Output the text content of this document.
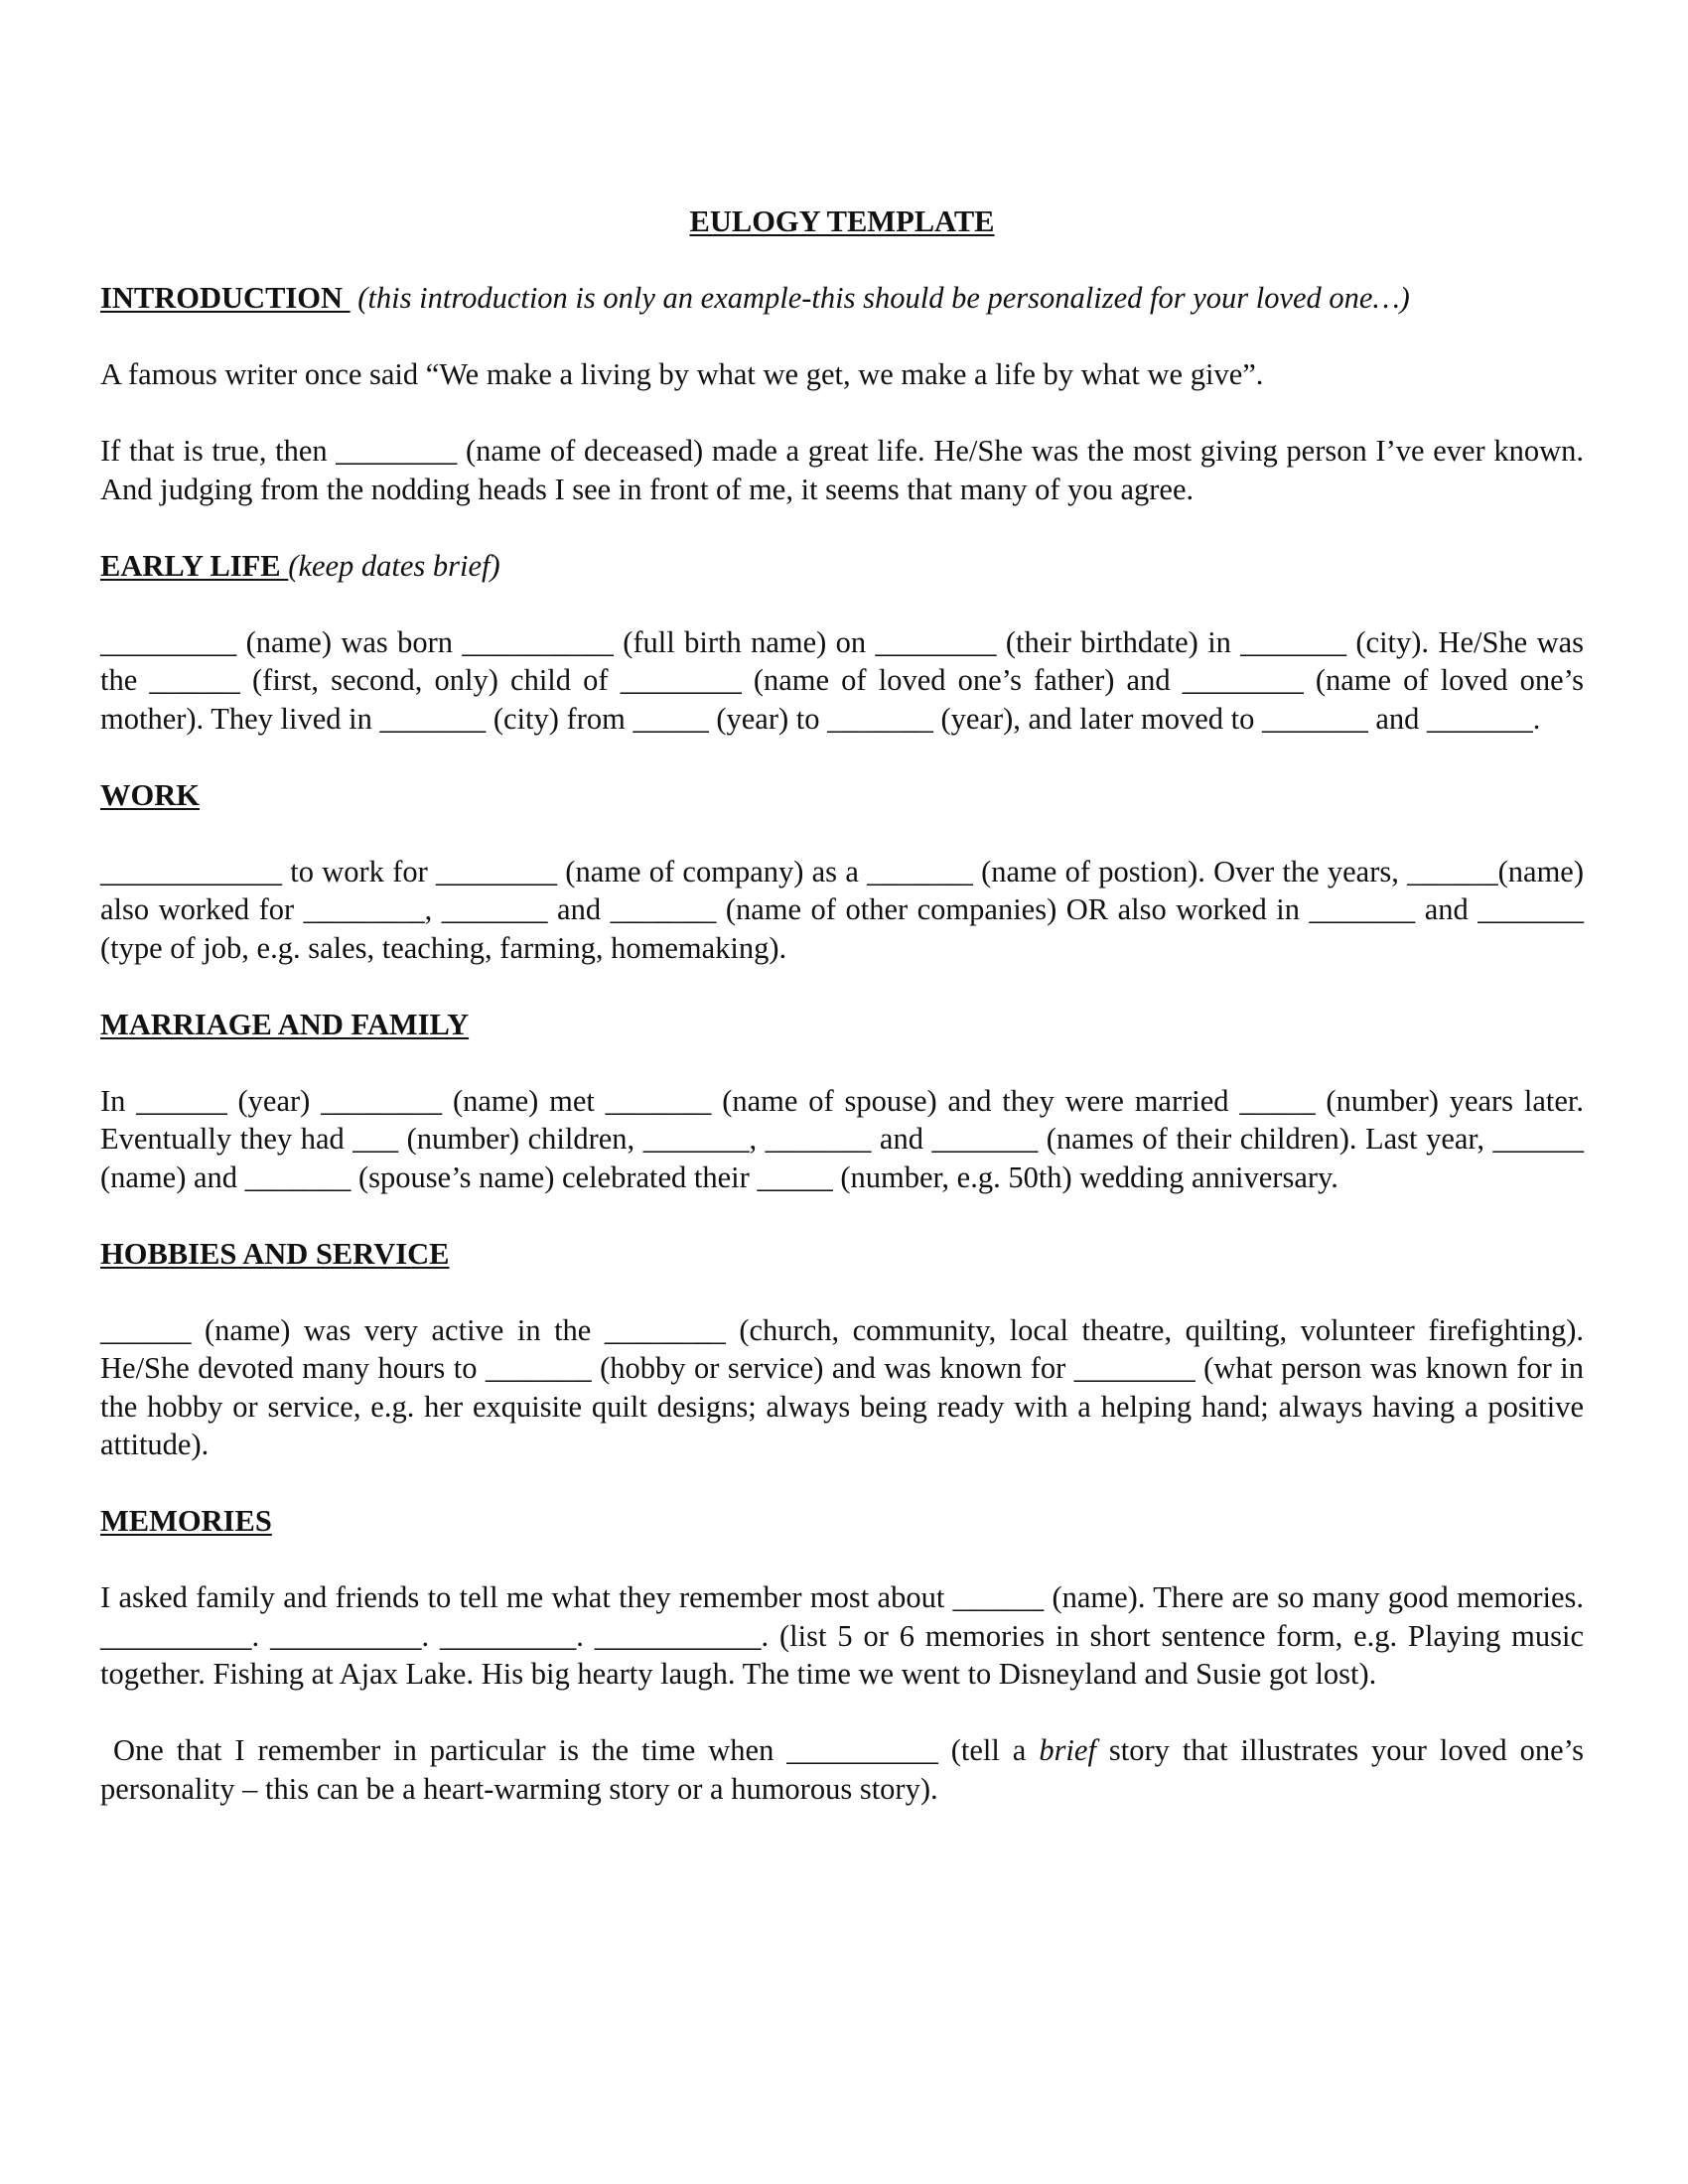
EULOGY TEMPLATE
INTRODUCTION  (this introduction is only an example-this should be personalized for your loved one…)

A famous writer once said “We make a living by what we get, we make a life by what we give”.

If that is true, then ________ (name of deceased) made a great life. He/She was the most giving person I’ve ever known. And judging from the nodding heads I see in front of me, it seems that many of you agree.

EARLY LIFE (keep dates brief)

_________ (name) was born __________ (full birth name) on ________ (their birthdate) in _______ (city). He/She was the ______ (first, second, only) child of ________ (name of loved one’s father) and ________ (name of loved one’s mother). They lived in _______ (city) from _____ (year) to _______ (year), and later moved to _______ and _______.

WORK

____________ to work for ________ (name of company) as a _______ (name of postion). Over the years, ______(name) also worked for ________, _______ and _______ (name of other companies) OR also worked in _______ and _______ (type of job, e.g. sales, teaching, farming, homemaking).

MARRIAGE AND FAMILY

In ______ (year) ________ (name) met _______ (name of spouse) and they were married _____ (number) years later. Eventually they had ___ (number) children, _______, _______ and _______ (names of their children). Last year, ______ (name) and _______ (spouse’s name) celebrated their _____ (number, e.g. 50th) wedding anniversary.

HOBBIES AND SERVICE

______ (name) was very active in the ________ (church, community, local theatre, quilting, volunteer firefighting). He/She devoted many hours to _______ (hobby or service) and was known for ________ (what person was known for in the hobby or service, e.g. her exquisite quilt designs; always being ready with a helping hand; always having a positive attitude).

MEMORIES

I asked family and friends to tell me what they remember most about ______ (name). There are so many good memories. __________. __________. _________. ___________. (list 5 or 6 memories in short sentence form, e.g. Playing music together. Fishing at Ajax Lake. His big hearty laugh. The time we went to Disneyland and Susie got lost).

One that I remember in particular is the time when __________ (tell a brief story that illustrates your loved one’s personality – this can be a heart-warming story or a humorous story).
